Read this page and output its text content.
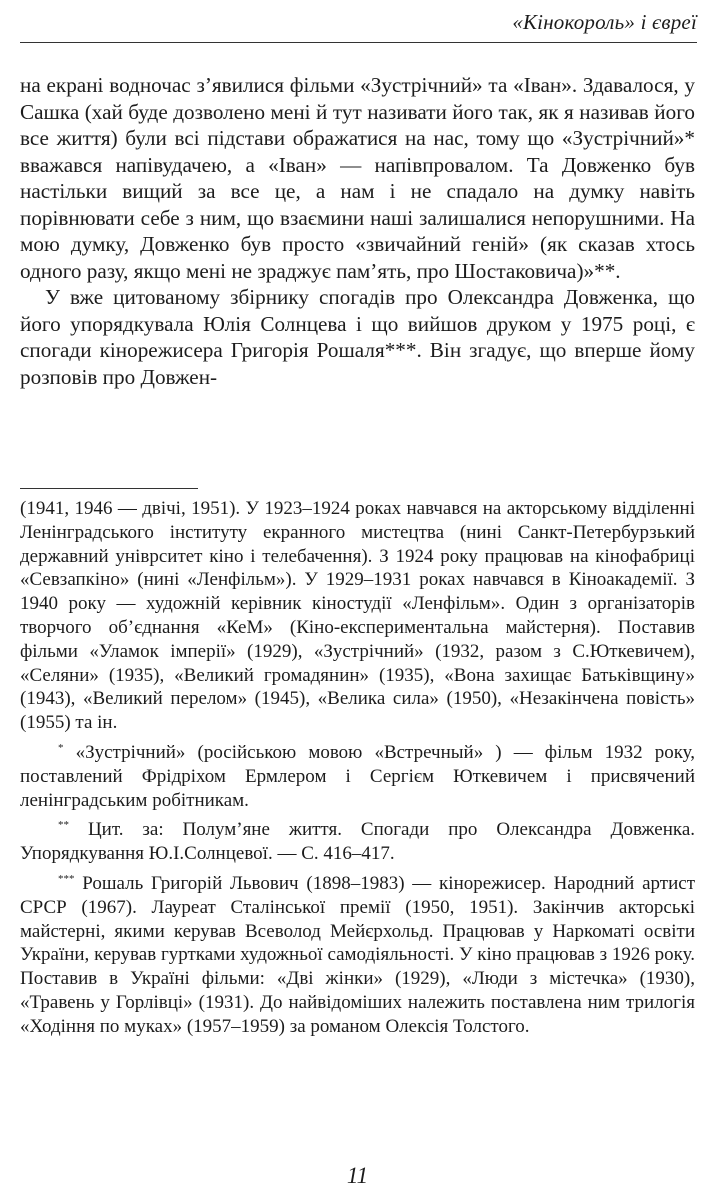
«Кінокороль» і євреї

на екрані водночас з’явилися фільми «Зустрічний» та «Іван». Здавалося, у Сашка (хай буде дозволено мені й тут називати його так, як я називав його все життя) були всі підстави ображатися на нас, тому що «Зустрічний»* вважався напівудачею, а «Іван» — напівпровалом. Та Довженко був настільки вищий за все це, а нам і не спадало на думку навіть порівнювати себе з ним, що взаємини наші залишалися непорушними. На мою думку, Довженко був просто «звичайний геній» (як сказав хтось одного разу, якщо мені не зраджує пам’ять, про Шостаковича)»**.

У вже цитованому збірнику спогадів про Олександра Довженка, що його упорядкувала Юлія Солнцева і що вийшов друком у 1975 році, є спогади кінорежисера Григорія Рошаля***. Він згадує, що вперше йому розповів про Довжен-

(1941, 1946 — двічі, 1951). У 1923–1924 роках навчався на акторському відділенні Ленінградського інституту екранного мистецтва (нині Санкт-Петербурзький державний уніврситет кіно і телебачення). З 1924 року працював на кінофабриці «Севзапкіно» (нині «Ленфільм»). У 1929–1931 роках навчався в Кіноакадемії. З 1940 року — художній керівник кіностудії «Ленфільм». Один з організаторів творчого об’єднання «КеМ» (Кіно-експериментальна майстерня). Поставив фільми «Уламок імперії» (1929), «Зустрічний» (1932, разом з С.Юткевичем), «Селяни» (1935), «Великий громадянин» (1935), «Вона захищає Батьківщину» (1943), «Великий перелом» (1945), «Велика сила» (1950), «Незакінчена повість» (1955) та ін.

* «Зустрічний» (російською мовою «Встречный» ) — фільм 1932 року, поставлений Фрідріхом Ермлером і Сергієм Юткевичем і присвячений ленінградським робітникам.

** Цит. за: Полум’яне життя. Спогади про Олександра Довженка. Упорядкування Ю.І.Солнцевої. — С. 416–417.

*** Рошаль Григорій Львович (1898–1983) — кінорежисер. Народний артист СРСР (1967). Лауреат Сталінської премії (1950, 1951). Закінчив акторські майстерні, якими керував Всеволод Мейєрхольд. Працював у Наркоматі освіти України, керував гуртками художньої самодіяльності. У кіно працював з 1926 року. Поставив в Україні фільми: «Дві жінки» (1929), «Люди з містечка» (1930), «Травень у Горлівці» (1931). До найвідоміших належить поставлена ним трилогія «Ходіння по муках» (1957–1959) за романом Олексія Толстого.

11
